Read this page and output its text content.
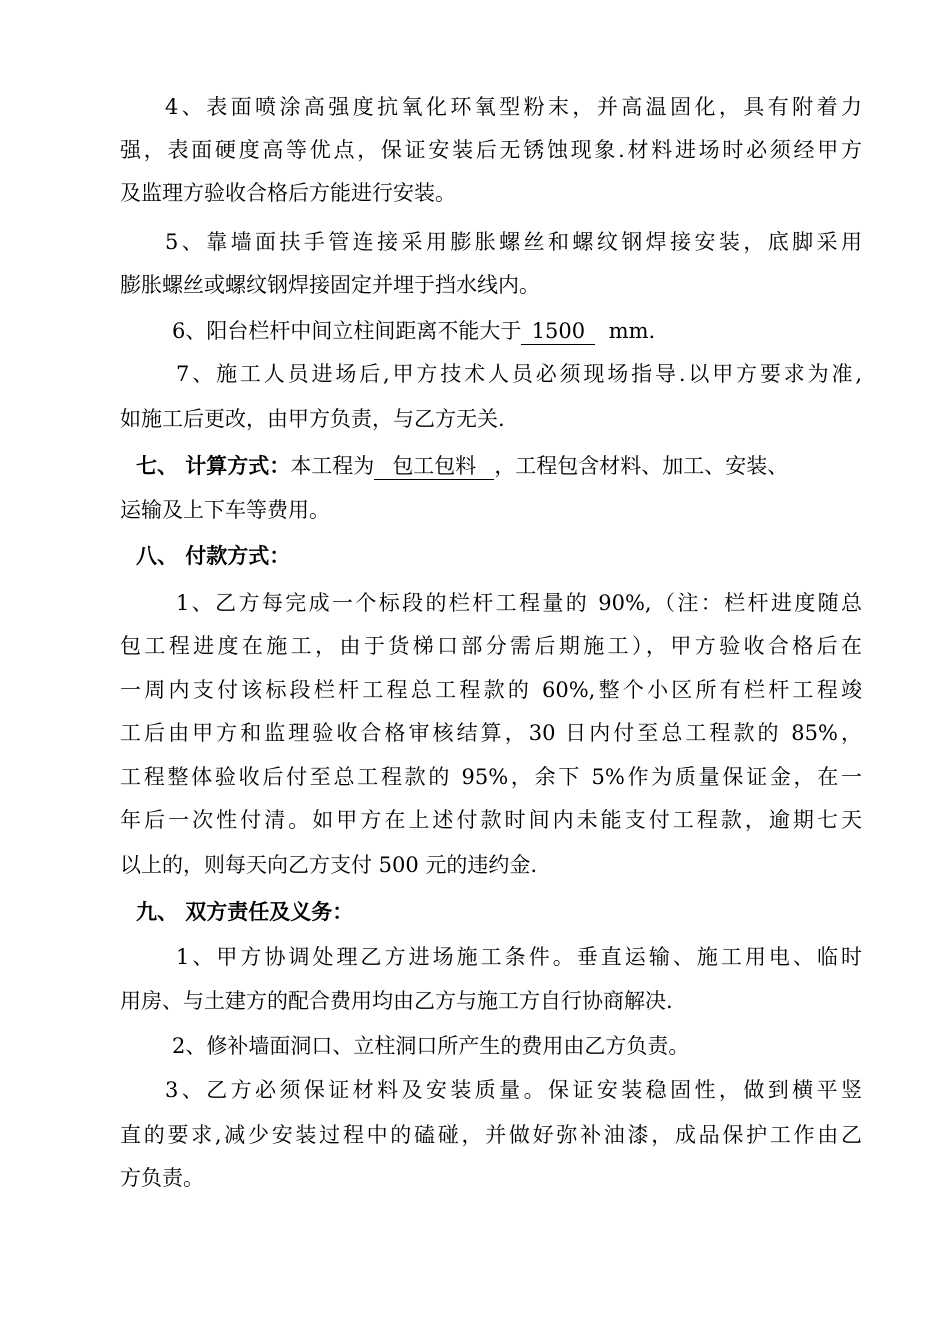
4、表面喷涂高强度抗氧化环氧型粉末，并高温固化，具有附着力
强，表面硬度高等优点，保证安装后无锈蚀现象.材料进场时必须经甲方
及监理方验收合格后方能进行安装。
5、靠墙面扶手管连接采用膨胀螺丝和螺纹钢焊接安装，底脚采用
膨胀螺丝或螺纹钢焊接固定并埋于挡水线内。
6、阳台栏杆中间立柱间距离不能大于 1500 mm.
7、施工人员进场后,甲方技术人员必须现场指导.以甲方要求为准,
如施工后更改，由甲方负责，与乙方无关.
七、 计算方式：本工程为 包工包料 ，工程包含材料、加工、安装、
运输及上下车等费用。
八、 付款方式：
1、乙方每完成一个标段的栏杆工程量的 90%,（注：栏杆进度随总
包工程进度在施工，由于货梯口部分需后期施工），甲方验收合格后在
一周内支付该标段栏杆工程总工程款的 60%,整个小区所有栏杆工程竣
工后由甲方和监理验收合格审核结算，30 日内付至总工程款的 85%，
工程整体验收后付至总工程款的 95%，余下 5%作为质量保证金，在一
年后一次性付清。如甲方在上述付款时间内未能支付工程款，逾期七天
以上的，则每天向乙方支付 500 元的违约金.
九、 双方责任及义务：
1、甲方协调处理乙方进场施工条件。垂直运输、施工用电、临时
用房、与土建方的配合费用均由乙方与施工方自行协商解决.
2、修补墙面洞口、立柱洞口所产生的费用由乙方负责。
3、乙方必须保证材料及安装质量。保证安装稳固性，做到横平竖
直的要求,减少安装过程中的磕碰，并做好弥补油漆，成品保护工作由乙
方负责。
